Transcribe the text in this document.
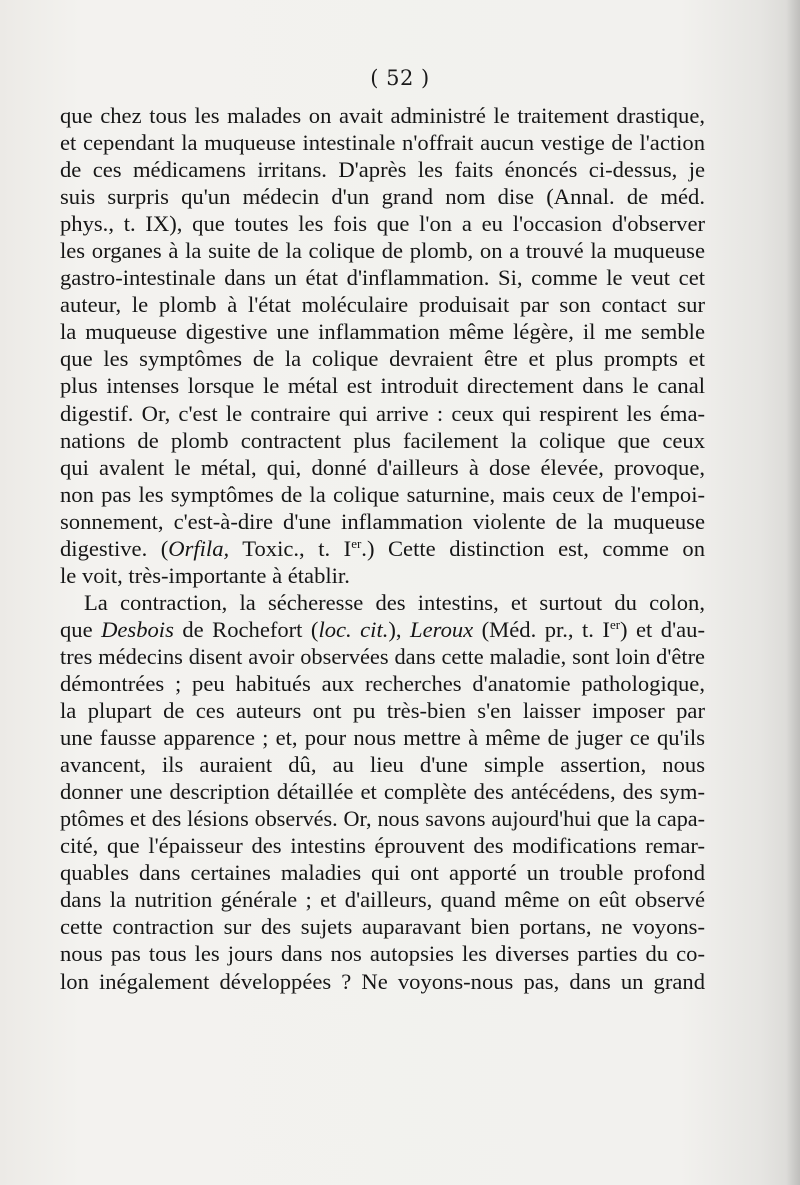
( 52 )
que chez tous les malades on avait administré le traitement drastique,
et cependant la muqueuse intestinale n'offrait aucun vestige de l'action
de ces médicamens irritans. D'après les faits énoncés ci-dessus, je
suis surpris qu'un médecin d'un grand nom dise (Annal. de méd.
phys., t. IX), que toutes les fois que l'on a eu l'occasion d'observer
les organes à la suite de la colique de plomb, on a trouvé la muqueuse
gastro-intestinale dans un état d'inflammation. Si, comme le veut cet
auteur, le plomb à l'état moléculaire produisait par son contact sur
la muqueuse digestive une inflammation même légère, il me semble
que les symptômes de la colique devraient être et plus prompts et
plus intenses lorsque le métal est introduit directement dans le canal
digestif. Or, c'est le contraire qui arrive : ceux qui respirent les éma-
nations de plomb contractent plus facilement la colique que ceux
qui avalent le métal, qui, donné d'ailleurs à dose élevée, provoque,
non pas les symptômes de la colique saturnine, mais ceux de l'empoi-
sonnement, c'est-à-dire d'une inflammation violente de la muqueuse
digestive. (Orfila, Toxic., t. Ier.) Cette distinction est, comme on
le voit, très-importante à établir.
La contraction, la sécheresse des intestins, et surtout du colon,
que Desbois de Rochefort (loc. cit.), Leroux (Méd. pr., t. Ier) et d'au-
tres médecins disent avoir observées dans cette maladie, sont loin d'être
démontrées ; peu habitués aux recherches d'anatomie pathologique,
la plupart de ces auteurs ont pu très-bien s'en laisser imposer par
une fausse apparence ; et, pour nous mettre à même de juger ce qu'ils
avancent, ils auraient dû, au lieu d'une simple assertion, nous
donner une description détaillée et complète des antécédens, des sym-
ptômes et des lésions observés. Or, nous savons aujourd'hui que la capa-
cité, que l'épaisseur des intestins éprouvent des modifications remar-
quables dans certaines maladies qui ont apporté un trouble profond
dans la nutrition générale ; et d'ailleurs, quand même on eût observé
cette contraction sur des sujets auparavant bien portans, ne voyons-
nous pas tous les jours dans nos autopsies les diverses parties du co-
lon inégalement développées ? Ne voyons-nous pas, dans un grand
